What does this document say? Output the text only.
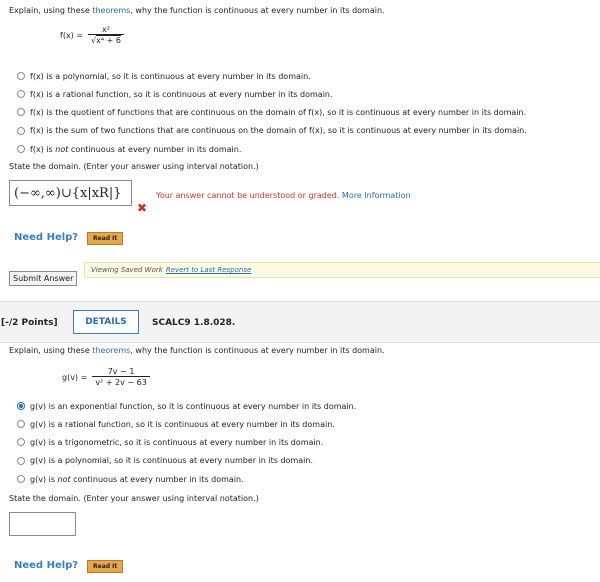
Explain, using these theorems, why the function is continuous at every number in its domain.
$f(x) = \frac{\text{x²}}{\text{√x⁴ + 6}}$
f(x) is a polynomial, so it is continuous at every number in its domain.
f(x) is a rational function, so it is continuous at every number in its domain.
f(x) is the quotient of functions that are continuous on the domain of f(x), so it is continuous at every number in its domain.
f(x) is the sum of two functions that are continuous on the domain of f(x), so it is continuous at every number in its domain.
f(x) is not continuous at every number in its domain.
State the domain. (Enter your answer using interval notation.)
(−∞,∞)∪{x|xR|}	Your answer cannot be understood or graded. More Information
✖
Need Help?	Read It
Submit Answer
Viewing Saved Work Revert to Last Response
[-/2 Points]	DETAILS	SCALC9 1.8.028.
Explain, using these theorems, why the function is continuous at every number in its domain.
$g(v) = \frac{7v - 1}{\text{v² + 2v − 63}}$
g(v) is an exponential function, so it is continuous at every number in its domain.
g(v) is a rational function, so it is continuous at every number in its domain.
g(v) is a trigonometric, so it is continuous at every number in its domain.
g(v) is a polynomial, so it is continuous at every number in its domain.
g(v) is not continuous at every number in its domain.
State the domain. (Enter your answer using interval notation.)
Need Help?	Read It
